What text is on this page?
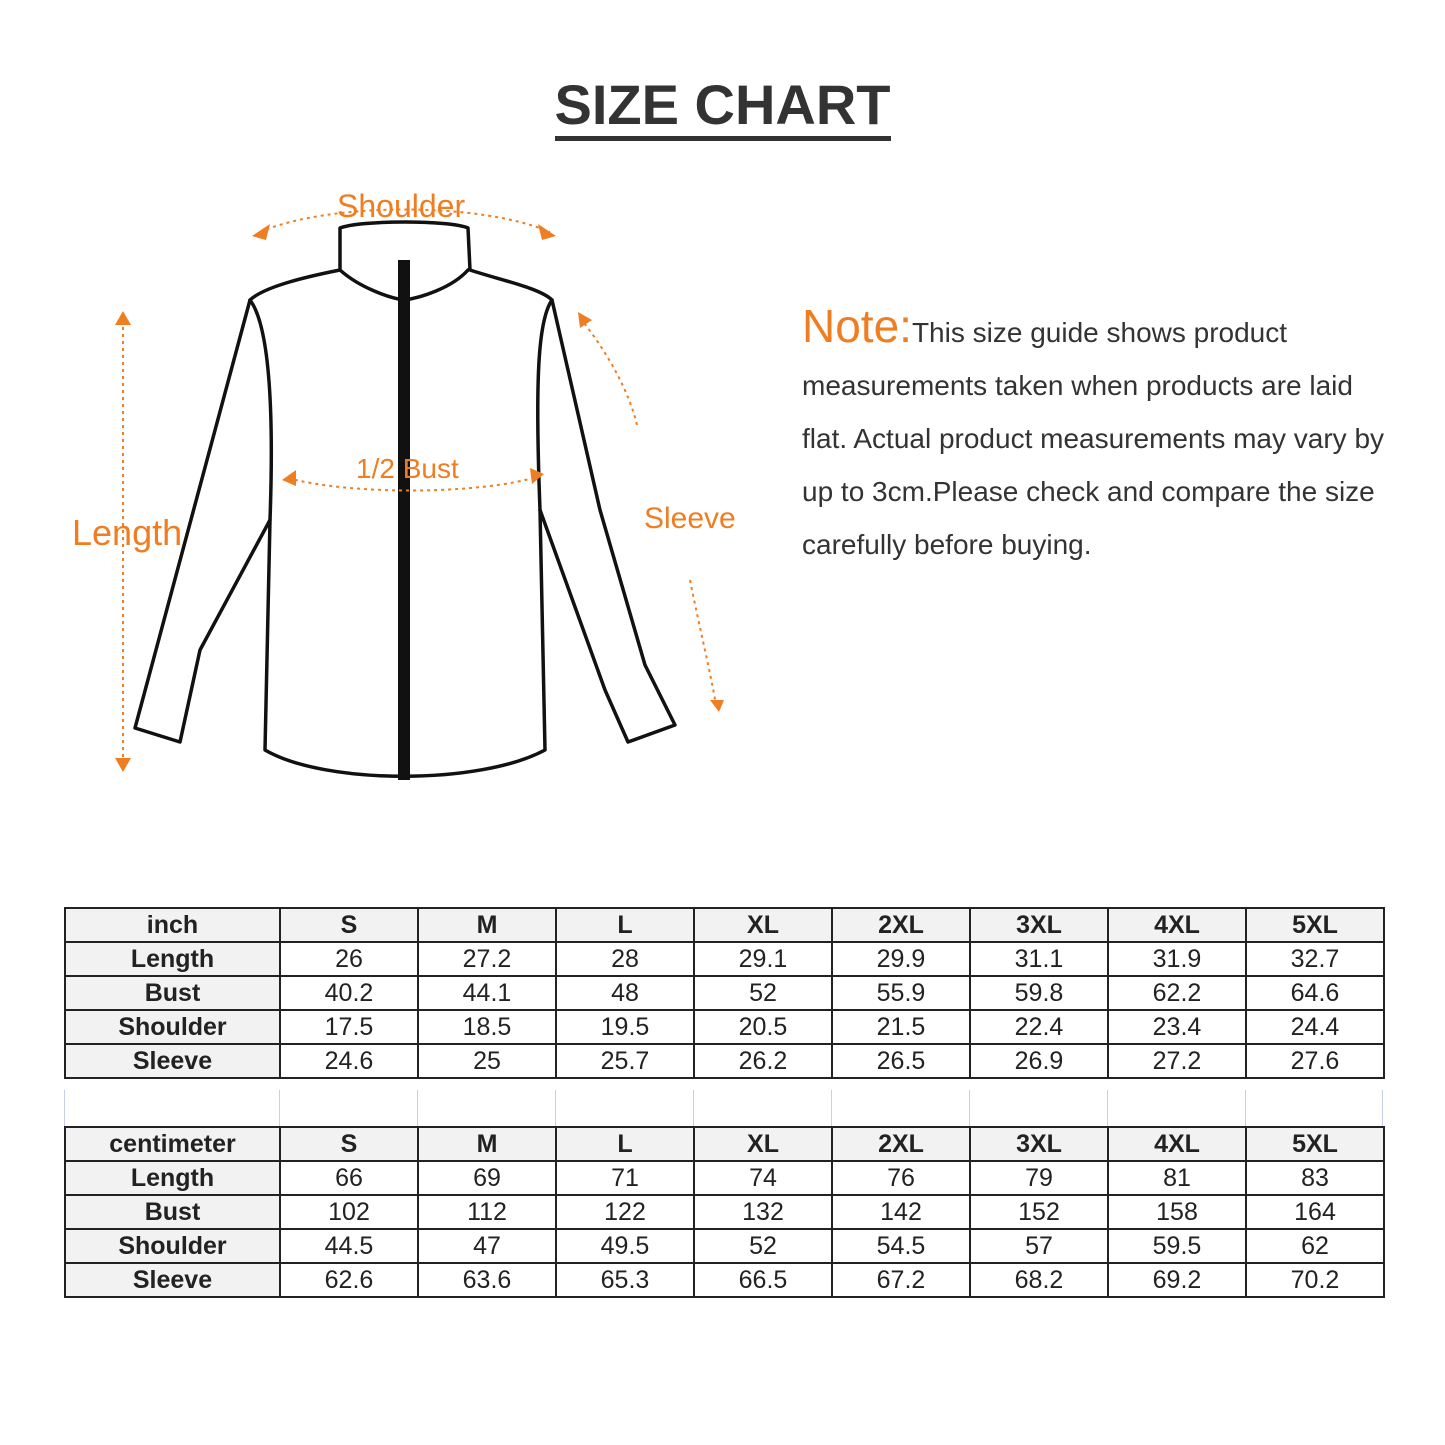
SIZE CHART
Shoulder
1/2 Bust
Length	Sleeve
Note:This size guide shows product measurements taken when products are laid flat. Actual product measurements may vary by up to 3cm.Please check and compare the size carefully before buying.
inch	S	M	L	XL	2XL	3XL	4XL	5XL
Length	26	27.2	28	29.1	29.9	31.1	31.9	32.7
Bust	40.2	44.1	48	52	55.9	59.8	62.2	64.6
Shoulder	17.5	18.5	19.5	20.5	21.5	22.4	23.4	24.4
Sleeve	24.6	25	25.7	26.2	26.5	26.9	27.2	27.6
centimeter	S	M	L	XL	2XL	3XL	4XL	5XL
Length	66	69	71	74	76	79	81	83
Bust	102	112	122	132	142	152	158	164
Shoulder	44.5	47	49.5	52	54.5	57	59.5	62
Sleeve	62.6	63.6	65.3	66.5	67.2	68.2	69.2	70.2
